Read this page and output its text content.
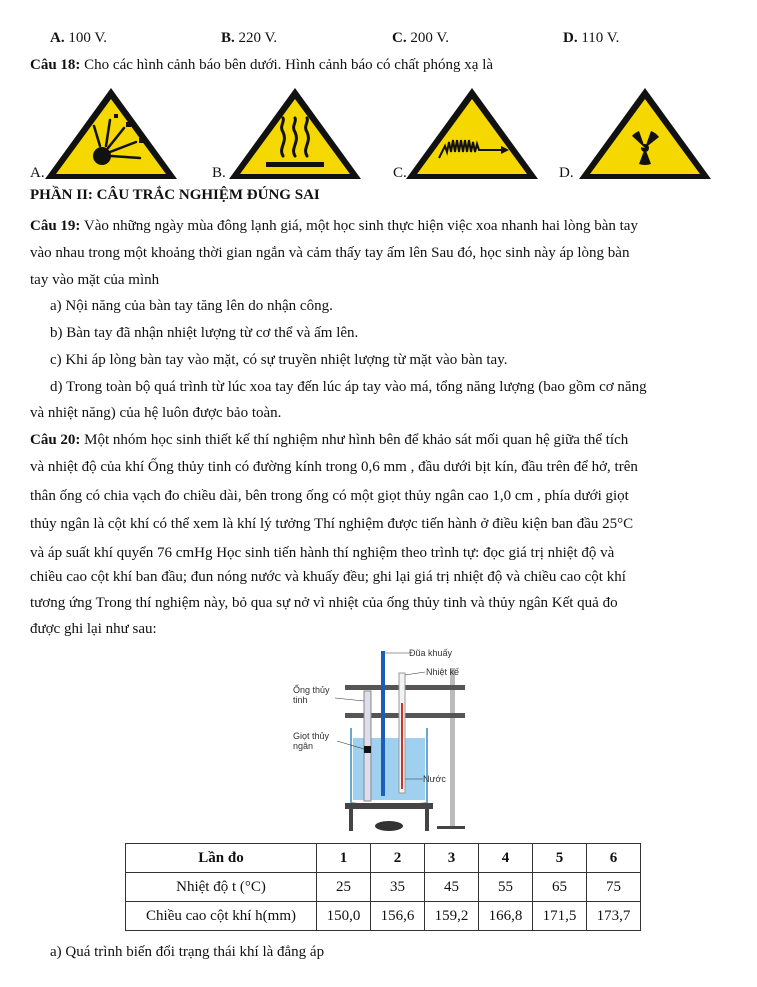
A. 100 V.	B. 220 V.	C. 200 V.	D. 110 V.
Câu 18: Cho các hình cảnh báo bên dưới. Hình cảnh báo có chất phóng xạ là
A.	B.	C.	D.
PHẦN II: CÂU TRẮC NGHIỆM ĐÚNG SAI
Câu 19: Vào những ngày mùa đông lạnh giá, một học sinh thực hiện việc xoa nhanh hai lòng bàn tay
vào nhau trong một khoảng thời gian ngắn và cảm thấy tay ấm lên Sau đó, học sinh này áp lòng bàn
tay vào mặt của mình
a) Nội năng của bàn tay tăng lên do nhận công.
b) Bàn tay đã nhận nhiệt lượng từ cơ thể và ấm lên.
c) Khi áp lòng bàn tay vào mặt, có sự truyền nhiệt lượng từ mặt vào bàn tay.
d) Trong toàn bộ quá trình từ lúc xoa tay đến lúc áp tay vào má, tổng năng lượng (bao gồm cơ năng
và nhiệt năng) của hệ luôn được bảo toàn.
Câu 20: Một nhóm học sinh thiết kế thí nghiệm như hình bên để khảo sát mối quan hệ giữa thể tích
và nhiệt độ của khí Ống thủy tinh có đường kính trong 0,6 mm , đầu dưới bịt kín, đầu trên để hở, trên
thân ống có chia vạch đo chiều dài, bên trong ống có một giọt thủy ngân cao 1,0 cm , phía dưới giọt
thủy ngân là cột khí có thể xem là khí lý tưởng Thí nghiệm được tiến hành ở điều kiện ban đầu 25°C
và áp suất khí quyển 76 cmHg Học sinh tiến hành thí nghiệm theo trình tự: đọc giá trị nhiệt độ và
chiều cao cột khí ban đầu; đun nóng nước và khuấy đều; ghi lại giá trị nhiệt độ và chiều cao cột khí
tương ứng Trong thí nghiệm này, bỏ qua sự nở vì nhiệt của ống thủy tinh và thủy ngân Kết quả đo
được ghi lại như sau:
Đũa khuấy
Nhiệt kế
Ống thủy
tinh
Giọt thủy
ngân
Nước
Lần đo	1	2	3	4	5	6
Nhiệt độ t (°C)	25	35	45	55	65	75
Chiều cao cột khí h(mm)	150,0	156,6	159,2	166,8	171,5	173,7
a) Quá trình biến đổi trạng thái khí là đẳng áp
